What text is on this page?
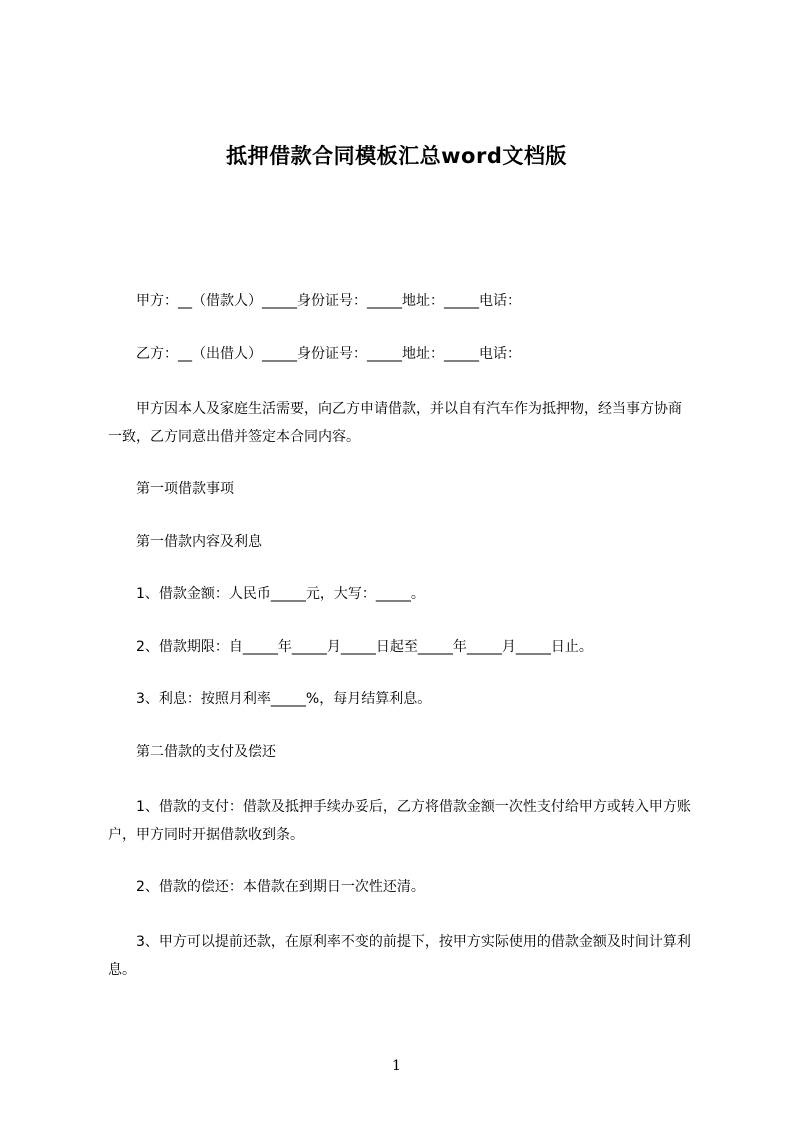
抵押借款合同模板汇总word文档版
甲方：__（借款人）_____身份证号：_____地址：_____电话：
乙方：__（出借人）_____身份证号：_____地址：_____电话：
甲方因本人及家庭生活需要，向乙方申请借款，并以自有汽车作为抵押物，经当事方协商一致，乙方同意出借并签定本合同内容。
第一项借款事项
第一借款内容及利息
1、借款金额：人民币_____元，大写：_____。
2、借款期限：自_____年_____月_____日起至_____年_____月_____日止。
3、利息：按照月利率_____%，每月结算利息。
第二借款的支付及偿还
1、借款的支付：借款及抵押手续办妥后，乙方将借款金额一次性支付给甲方或转入甲方账户，甲方同时开据借款收到条。
2、借款的偿还：本借款在到期日一次性还清。
3、甲方可以提前还款，在原利率不变的前提下，按甲方实际使用的借款金额及时间计算利息。
1
